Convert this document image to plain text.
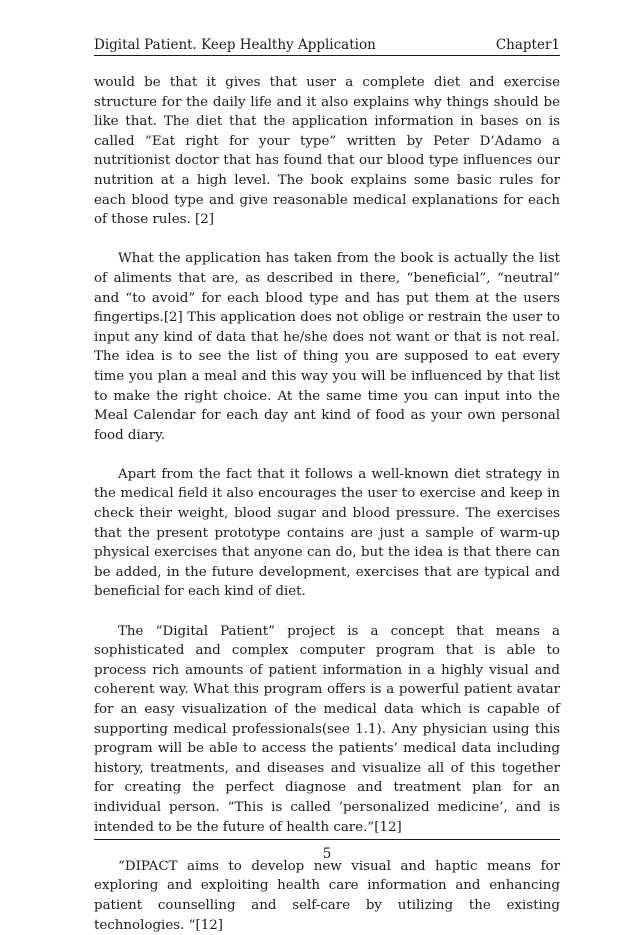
Digital Patient. Keep Healthy Application	Chapter1

would be that it gives that user a complete diet and exercise structure for the daily life and it also explains why things should be like that. The diet that the application information in bases on is called “Eat right for your type” written by Peter D’Adamo a nutritionist doctor that has found that our blood type influences our nutrition at a high level. The book explains some basic rules for each blood type and give reasonable medical explanations for each of those rules. [2]

What the application has taken from the book is actually the list of aliments that are, as described in there, “beneficial”, “neutral” and “to avoid” for each blood type and has put them at the users fingertips.[2] This application does not oblige or restrain the user to input any kind of data that he/she does not want or that is not real. The idea is to see the list of thing you are supposed to eat every time you plan a meal and this way you will be influenced by that list to make the right choice. At the same time you can input into the Meal Calendar for each day ant kind of food as your own personal food diary.

Apart from the fact that it follows a well-known diet strategy in the medical field it also encourages the user to exercise and keep in check their weight, blood sugar and blood pressure. The exercises that the present prototype contains are just a sample of warm-up physical exercises that anyone can do, but the idea is that there can be added, in the future development, exercises that are typical and beneficial for each kind of diet.

The “Digital Patient” project is a concept that means a sophisticated and complex computer program that is able to process rich amounts of patient information in a highly visual and coherent way. What this program offers is a powerful patient avatar for an easy visualization of the medical data which is capable of supporting medical professionals(see 1.1). Any physician using this program will be able to access the patients’ medical data including history, treatments, and diseases and visualize all of this together for creating the perfect diagnose and treatment plan for an individual person. “This is called ’personalized medicine’, and is intended to be the future of health care.”[12]

“DIPACT aims to develop new visual and haptic means for exploring and exploiting health care information and enhancing patient counselling and self-care by utilizing the existing technologies. “[12]

5
